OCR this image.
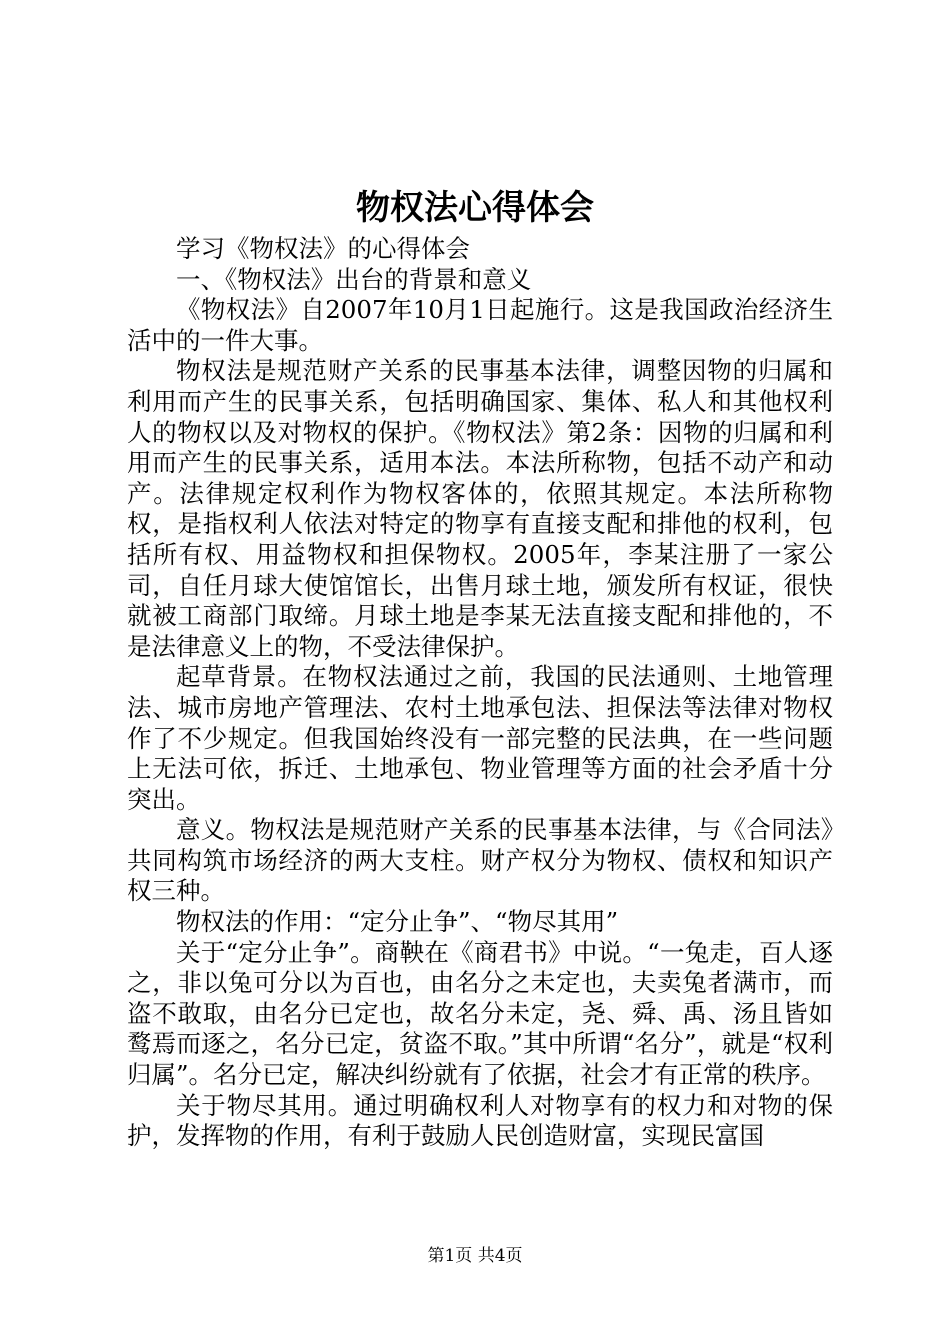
物权法心得体会

学习《物权法》的心得体会

一、《物权法》出台的背景和意义

《物权法》自2007年10月1日起施行。这是我国政治经济生活中的一件大事。

物权法是规范财产关系的民事基本法律，调整因物的归属和利用而产生的民事关系，包括明确国家、集体、私人和其他权利人的物权以及对物权的保护。《物权法》第2条：因物的归属和利用而产生的民事关系，适用本法。本法所称物，包括不动产和动产。法律规定权利作为物权客体的，依照其规定。本法所称物权，是指权利人依法对特定的物享有直接支配和排他的权利，包括所有权、用益物权和担保物权。2005年，李某注册了一家公司，自任月球大使馆馆长，出售月球土地，颁发所有权证，很快就被工商部门取缔。月球土地是李某无法直接支配和排他的，不是法律意义上的物，不受法律保护。

起草背景。在物权法通过之前，我国的民法通则、土地管理法、城市房地产管理法、农村土地承包法、担保法等法律对物权作了不少规定。但我国始终没有一部完整的民法典，在一些问题上无法可依，拆迁、土地承包、物业管理等方面的社会矛盾十分突出。

意义。物权法是规范财产关系的民事基本法律，与《合同法》共同构筑市场经济的两大支柱。财产权分为物权、债权和知识产权三种。

物权法的作用：“定分止争”、“物尽其用”

关于“定分止争”。商鞅在《商君书》中说。“一兔走，百人逐之，非以兔可分以为百也，由名分之未定也，夫卖兔者满市，而盗不敢取，由名分已定也，故名分未定，尧、舜、禹、汤且皆如鹜焉而逐之，名分已定，贫盗不取。”其中所谓“名分”，就是“权利归属”。名分已定，解决纠纷就有了依据，社会才有正常的秩序。

关于物尽其用。通过明确权利人对物享有的权力和对物的保护，发挥物的作用，有利于鼓励人民创造财富，实现民富国

第1页 共4页
